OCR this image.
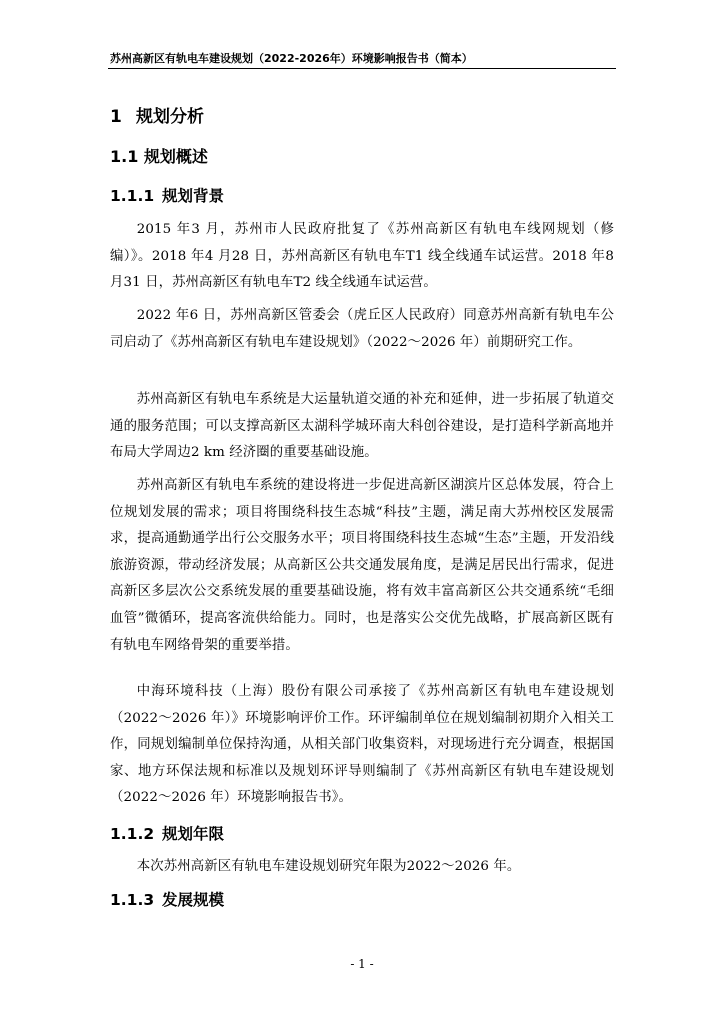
苏州高新区有轨电车建设规划（2022-2026年）环境影响报告书（简本）
1 规划分析
1.1 规划概述
1.1.1 规划背景

2015 年3 月，苏州市人民政府批复了《苏州高新区有轨电车线网规划（修编）》。2018 年4 月28 日，苏州高新区有轨电车T1 线全线通车试运营。2018 年8 月31 日，苏州高新区有轨电车T2 线全线通车试运营。

2022 年6 日，苏州高新区管委会（虎丘区人民政府）同意苏州高新有轨电车公司启动了《苏州高新区有轨电车建设规划》（2022～2026 年）前期研究工作。

苏州高新区有轨电车系统是大运量轨道交通的补充和延伸，进一步拓展了轨道交通的服务范围；可以支撑高新区太湖科学城环南大科创谷建设，是打造科学新高地并布局大学周边2 km 经济圈的重要基础设施。

苏州高新区有轨电车系统的建设将进一步促进高新区湖滨片区总体发展，符合上位规划发展的需求；项目将围绕科技生态城“科技”主题，满足南大苏州校区发展需求，提高通勤通学出行公交服务水平；项目将围绕科技生态城“生态”主题，开发沿线旅游资源，带动经济发展；从高新区公共交通发展角度，是满足居民出行需求，促进高新区多层次公交系统发展的重要基础设施，将有效丰富高新区公共交通系统“毛细血管”微循环，提高客流供给能力。同时，也是落实公交优先战略，扩展高新区既有有轨电车网络骨架的重要举措。

中海环境科技（上海）股份有限公司承接了《苏州高新区有轨电车建设规划（2022～2026 年）》环境影响评价工作。环评编制单位在规划编制初期介入相关工作，同规划编制单位保持沟通，从相关部门收集资料，对现场进行充分调查，根据国家、地方环保法规和标准以及规划环评导则编制了《苏州高新区有轨电车建设规划（2022～2026 年）环境影响报告书》。

1.1.2 规划年限

本次苏州高新区有轨电车建设规划研究年限为2022～2026 年。

1.1.3 发展规模
- 1 -
